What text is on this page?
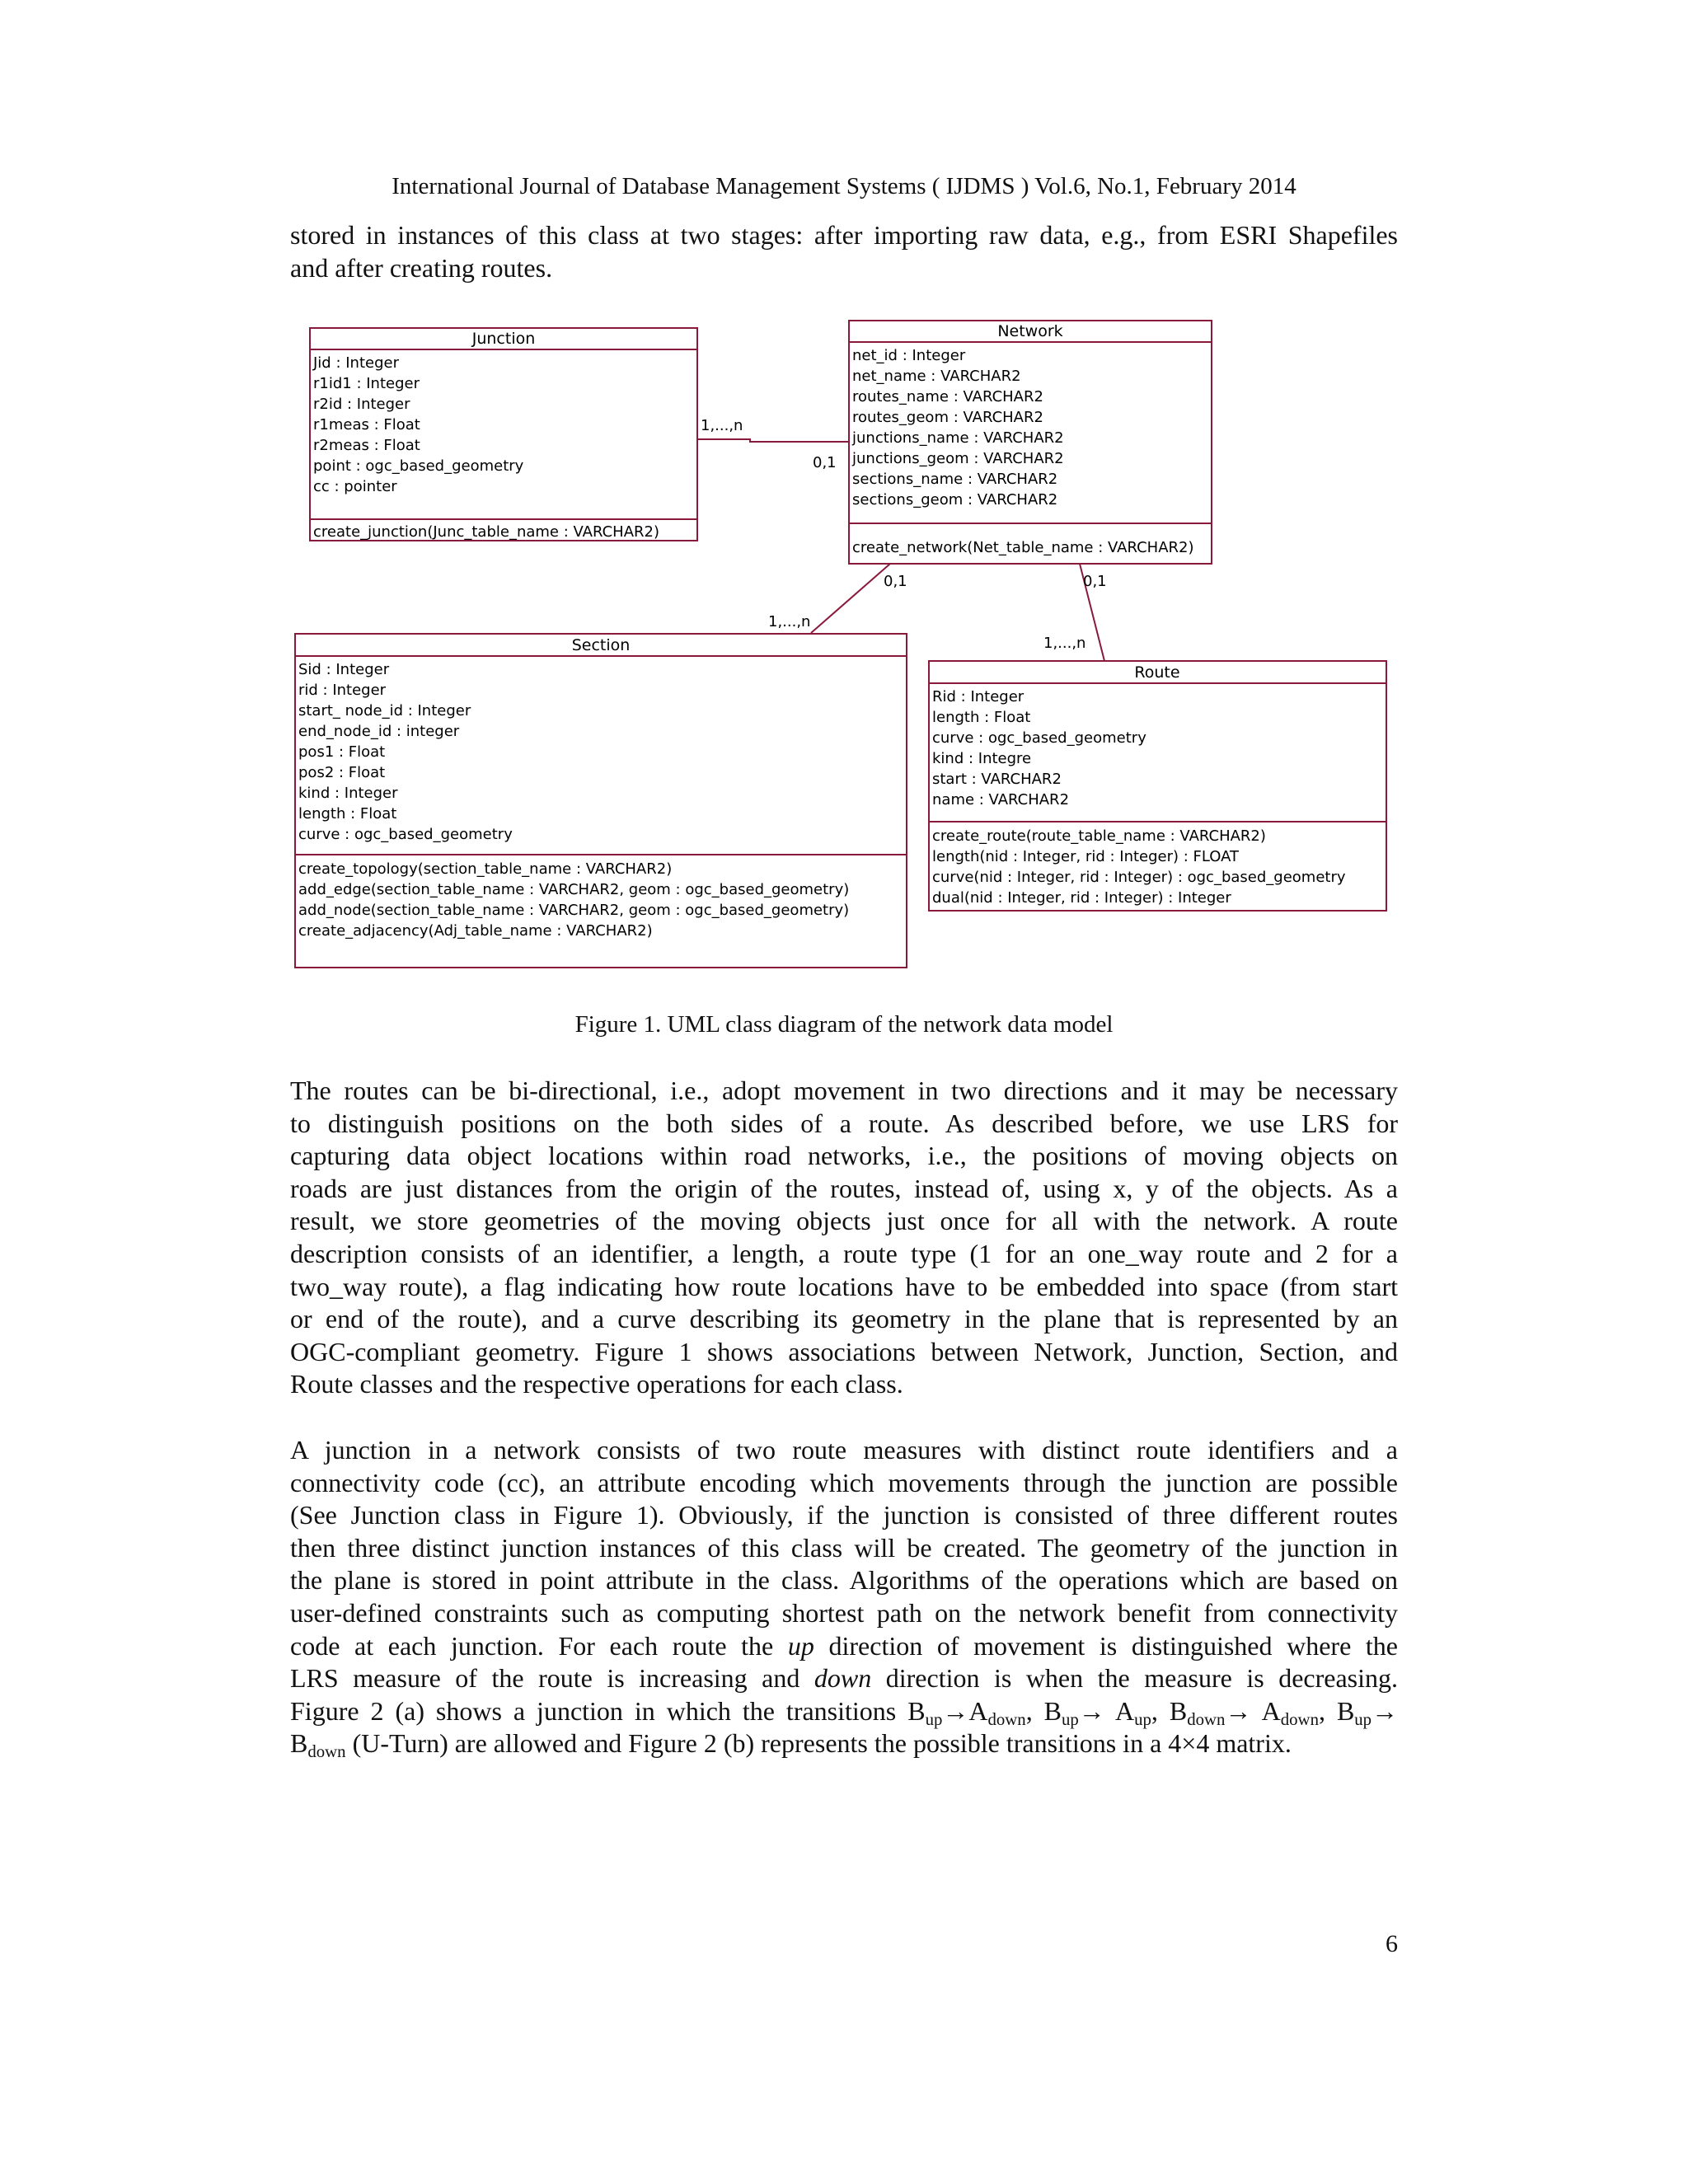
International Journal of Database Management Systems ( IJDMS ) Vol.6, No.1, February 2014
stored in instances of this class at two stages: after importing raw data, e.g., from ESRI Shapefiles
and after creating routes.
Junction
Jid : Integer
r1id1 : Integer
r2id : Integer
r1meas : Float
r2meas : Float
point : ogc_based_geometry
cc : pointer
create_junction(Junc_table_name : VARCHAR2)
Network
net_id : Integer
net_name : VARCHAR2
routes_name : VARCHAR2
routes_geom : VARCHAR2
junctions_name : VARCHAR2
junctions_geom : VARCHAR2
sections_name : VARCHAR2
sections_geom : VARCHAR2
create_network(Net_table_name : VARCHAR2)
Section
Sid : Integer
rid : Integer
start_ node_id : Integer
end_node_id : integer
pos1 : Float
pos2 : Float
kind : Integer
length : Float
curve : ogc_based_geometry
create_topology(section_table_name : VARCHAR2)
add_edge(section_table_name : VARCHAR2, geom : ogc_based_geometry)
add_node(section_table_name : VARCHAR2, geom : ogc_based_geometry)
create_adjacency(Adj_table_name : VARCHAR2)
Route
Rid : Integer
length : Float
curve : ogc_based_geometry
kind : Integre
start : VARCHAR2
name : VARCHAR2
create_route(route_table_name : VARCHAR2)
length(nid : Integer, rid : Integer) : FLOAT
curve(nid : Integer, rid : Integer) : ogc_based_geometry
dual(nid : Integer, rid : Integer) : Integer
1,...,n
0,1
0,1
1,...,n
0,1
1,...,n
Figure 1. UML class diagram of the network data model
The routes can be bi-directional, i.e., adopt movement in two directions and it may be necessary
to distinguish positions on the both sides of a route. As described before, we use LRS for
capturing data object locations within road networks, i.e., the positions of moving objects on
roads are just distances from the origin of the routes, instead of, using x, y of the objects. As a
result, we store geometries of the moving objects just once for all with the network. A route
description consists of an identifier, a length, a route type (1 for an one_way route and 2 for a
two_way route), a flag indicating how route locations have to be embedded into space (from start
or end of the route), and a curve describing its geometry in the plane that is represented by an
OGC-compliant geometry. Figure 1 shows associations between Network, Junction, Section, and
Route classes and the respective operations for each class.
A junction in a network consists of two route measures with distinct route identifiers and a
connectivity code (cc), an attribute encoding which movements through the junction are possible
(See Junction class in Figure 1). Obviously, if the junction is consisted of three different routes
then three distinct junction instances of this class will be created. The geometry of the junction in
the plane is stored in point attribute in the class. Algorithms of the operations which are based on
user-defined constraints such as computing shortest path on the network benefit from connectivity
code at each junction. For each route the up direction of movement is distinguished where the
LRS measure of the route is increasing and down direction is when the measure is decreasing.
Figure 2 (a) shows a junction in which the transitions $B_{up}\to A_{down}$, $B_{up}\to A_{up}$, $B_{down}\to A_{down}$, $B_{up}\to$
$B_{down}$ (U-Turn) are allowed and Figure 2 (b) represents the possible transitions in a 4×4 matrix.
6
